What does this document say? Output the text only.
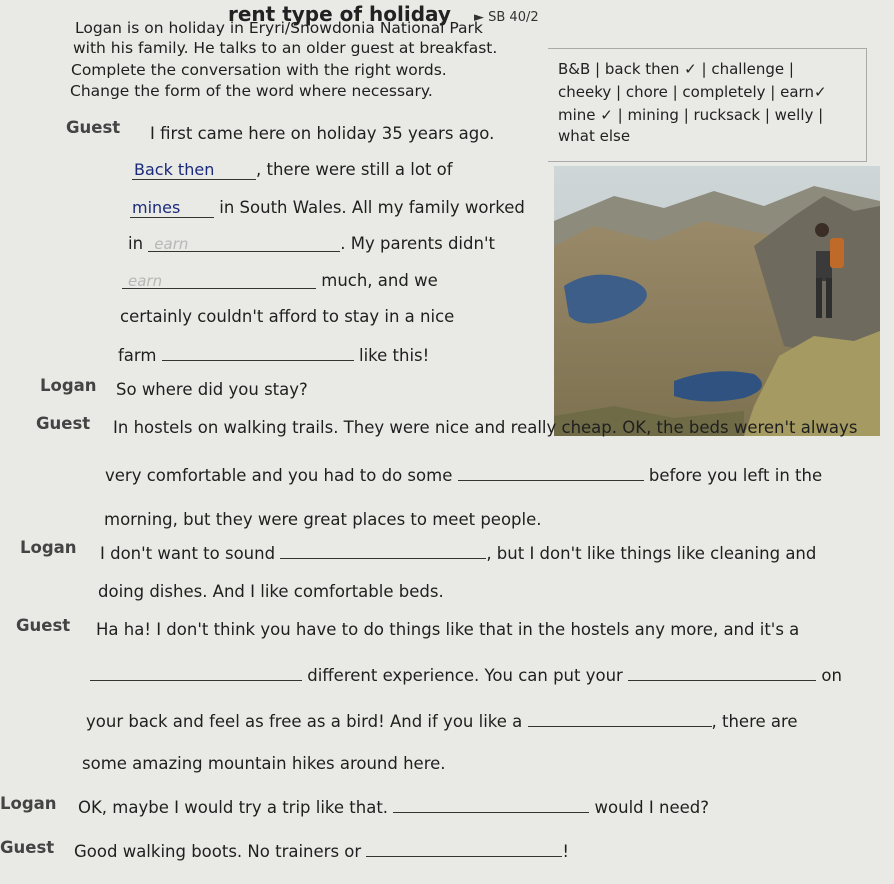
rent type of holiday ► SB 40/2
Logan is on holiday in Eryri/Snowdonia National Park
with his family. He talks to an older guest at breakfast.
Complete the conversation with the right words.
Change the form of the word where necessary.
B&B | back then ✓ | challenge |
cheeky | chore | completely | earn✓
mine ✓ | mining | rucksack | welly |
what else
Guest I first came here on holiday 35 years ago.
Back then	, there were still a lot of
mines in South Wales. All my family worked
in earn	. My parents didn't
earn	much, and we
certainly couldn't afford to stay in a nice
farm	like this!
Logan So where did you stay?
Guest In hostels on walking trails. They were nice and really cheap. OK, the beds weren't always
very comfortable and you had to do some	before you left in the
morning, but they were great places to meet people.
Logan I don't want to sound	, but I don't like things like cleaning and
doing dishes. And I like comfortable beds.
Guest Ha ha! I don't think you have to do things like that in the hostels any more, and it's a
different experience. You can put your	on
your back and feel as free as a bird! And if you like a	, there are
some amazing mountain hikes around here.
Logan OK, maybe I would try a trip like that.	would I need?
Guest Good walking boots. No trainers or	!
